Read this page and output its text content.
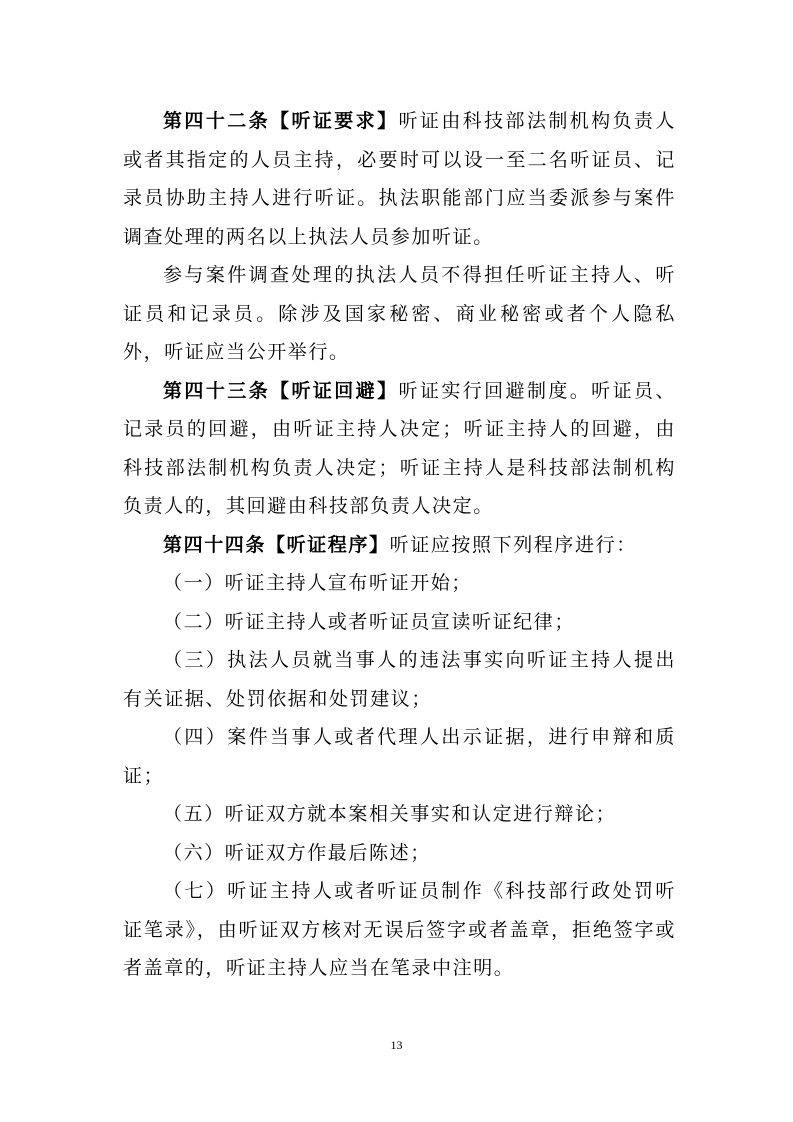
第四十二条【听证要求】听证由科技部法制机构负责人或者其指定的人员主持，必要时可以设一至二名听证员、记录员协助主持人进行听证。执法职能部门应当委派参与案件调查处理的两名以上执法人员参加听证。

参与案件调查处理的执法人员不得担任听证主持人、听证员和记录员。除涉及国家秘密、商业秘密或者个人隐私外，听证应当公开举行。

第四十三条【听证回避】听证实行回避制度。听证员、记录员的回避，由听证主持人决定；听证主持人的回避，由科技部法制机构负责人决定；听证主持人是科技部法制机构负责人的，其回避由科技部负责人决定。

第四十四条【听证程序】听证应按照下列程序进行：

（一）听证主持人宣布听证开始；

（二）听证主持人或者听证员宣读听证纪律；

（三）执法人员就当事人的违法事实向听证主持人提出有关证据、处罚依据和处罚建议；

（四）案件当事人或者代理人出示证据，进行申辩和质证；

（五）听证双方就本案相关事实和认定进行辩论；

（六）听证双方作最后陈述；

（七）听证主持人或者听证员制作《科技部行政处罚听证笔录》，由听证双方核对无误后签字或者盖章，拒绝签字或者盖章的，听证主持人应当在笔录中注明。

13
